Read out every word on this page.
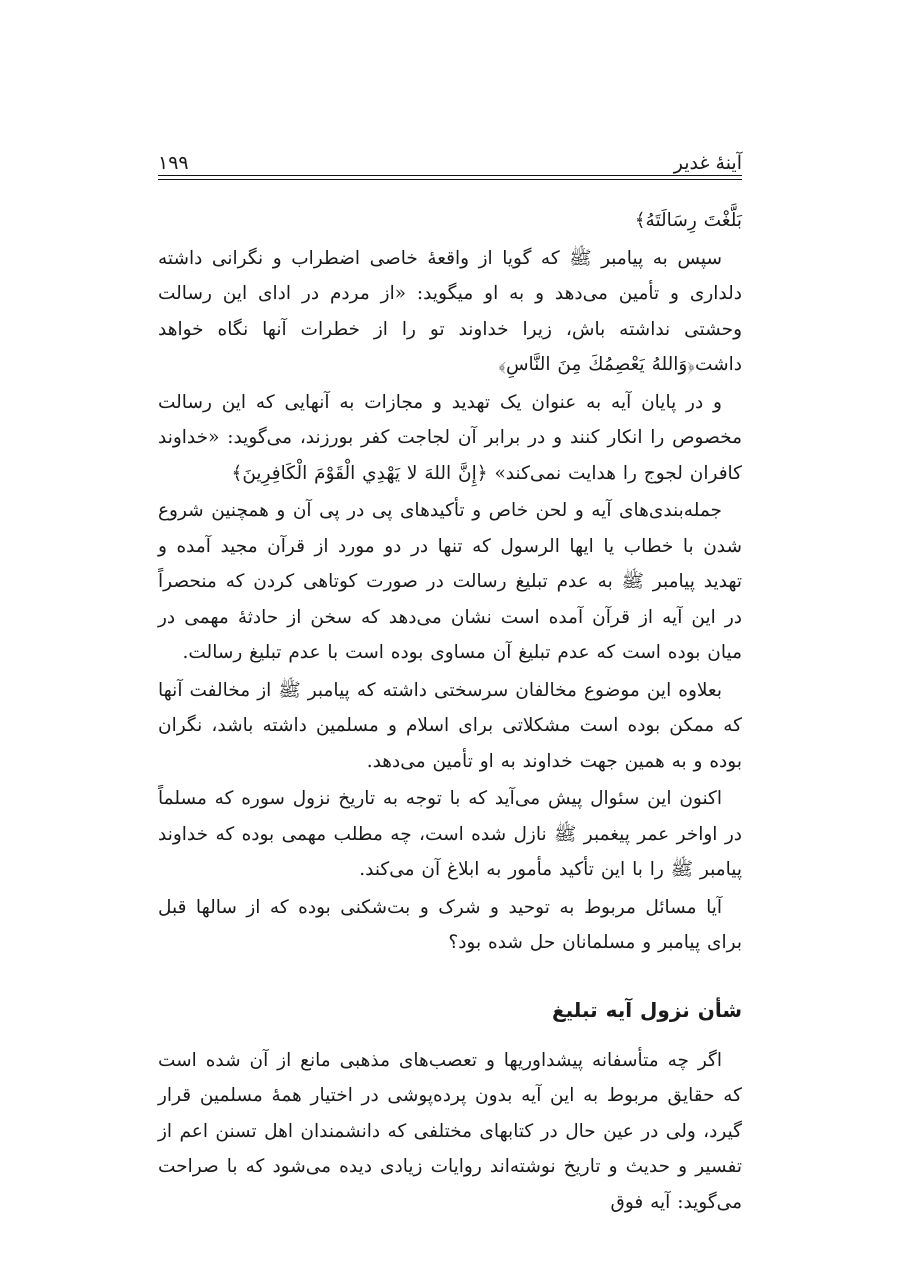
آینهٔ غدیر
۱۹۹

بَلَّغْتَ رِسَالَتَهُ﴾

سپس به پیامبر ﷺ که گویا از واقعهٔ خاصی اضطراب و نگرانی داشته دلداری و تأمین می‌دهد و به او میگوید: «از مردم در ادای این رسالت وحشتی نداشته باش، زیرا خداوند تو را از خطرات آنها نگاه خواهد داشت﴿وَاللهُ يَعْصِمُكَ مِنَ النَّاسِ﴾

و در پایان آیه به عنوان یک تهدید و مجازات به آنهایی که این رسالت مخصوص را انکار کنند و در برابر آن لجاجت کفر بورزند، می‌گوید: «خداوند کافران لجوج را هدایت نمی‌کند» ﴿إِنَّ اللهَ لا يَهْدِي الْقَوْمَ الْكَافِرِينَ﴾

جمله‌بندی‌های آیه و لحن خاص و تأکیدهای پی در پی آن و همچنین شروع شدن با خطاب یا ایها الرسول که تنها در دو مورد از قرآن مجید آمده و تهدید پیامبر ﷺ به عدم تبلیغ رسالت در صورت کوتاهی کردن که منحصراً در این آیه از قرآن آمده است نشان می‌دهد که سخن از حادثهٔ مهمی در میان بوده است که عدم تبلیغ آن مساوی بوده است با عدم تبلیغ رسالت.

بعلاوه این موضوع مخالفان سرسختی داشته که پیامبر ﷺ از مخالفت آنها که ممکن بوده است مشکلاتی برای اسلام و مسلمین داشته باشد، نگران بوده و به همین جهت خداوند به او تأمین می‌دهد.

اکنون این سئوال پیش می‌آید که با توجه به تاریخ نزول سوره که مسلماً در اواخر عمر پیغمبر ﷺ نازل شده است، چه مطلب مهمی بوده که خداوند پیامبر ﷺ را با این تأکید مأمور به ابلاغ آن می‌کند.

آیا مسائل مربوط به توحید و شرک و بت‌شکنی بوده که از سالها قبل برای پیامبر و مسلمانان حل شده بود؟

شأن نزول آیه تبلیغ

اگر چه متأسفانه پیشداوریها و تعصب‌های مذهبی مانع از آن شده است که حقایق مربوط به این آیه بدون پرده‌پوشی در اختیار همهٔ مسلمین قرار گیرد، ولی در عین حال در کتابهای مختلفی که دانشمندان اهل تسنن اعم از تفسیر و حدیث و تاریخ نوشته‌اند روایات زیادی دیده می‌شود که با صراحت می‌گوید: آیه فوق
